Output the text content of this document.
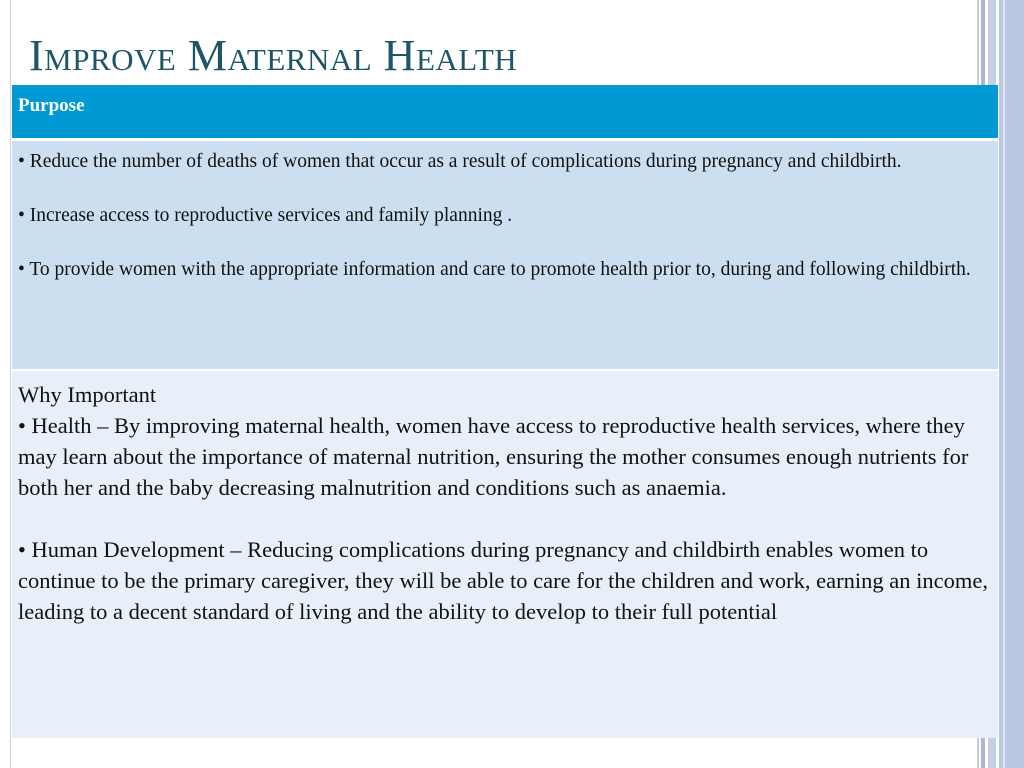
Improve Maternal Health
Purpose

• Reduce the number of deaths of women that occur as a result of complications during pregnancy and childbirth.

• Increase access to reproductive services and family planning .

• To provide women with the appropriate information and care to promote health prior to, during and following childbirth.

Why Important

• Health – By improving maternal health, women have access to reproductive health services, where they may learn about the importance of maternal nutrition, ensuring the mother consumes enough nutrients for both her and the baby decreasing malnutrition and conditions such as anaemia.

• Human Development – Reducing complications during pregnancy and childbirth enables women to continue to be the primary caregiver, they will be able to care for the children and work, earning an income, leading to a decent standard of living and the ability to develop to their full potential
